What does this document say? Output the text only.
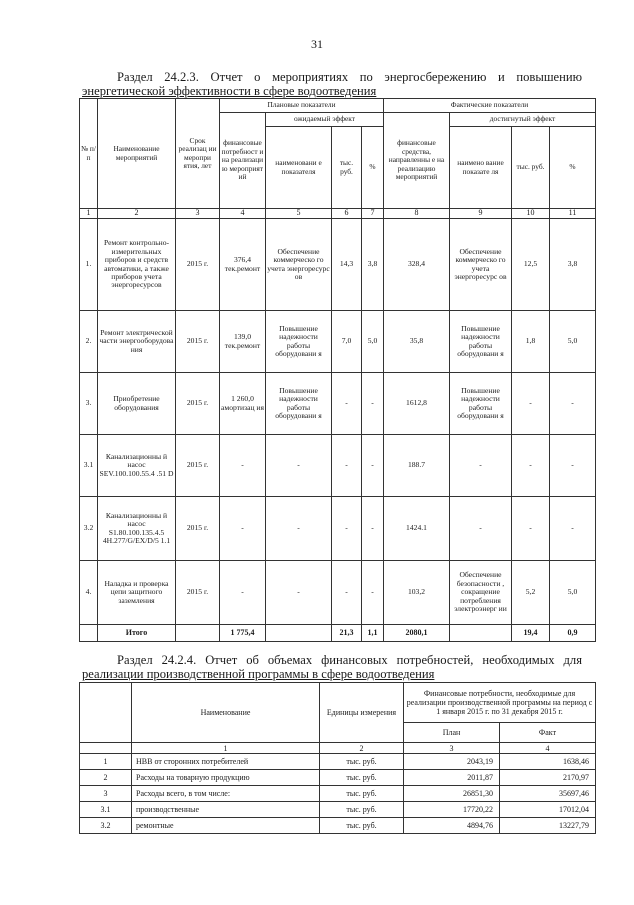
31
Раздел 24.2.3. Отчет о мероприятиях по энергосбережению и повышению
энергетической эффективности в сфере водоотведения
№ п/п	Наименование мероприятий	Срок реализац ии меропри ятия, лет	Плановые показатели				Фактические показатели			
			финансовые потребност и на реализаци ю мероприят ий	ожидаемый эффект			финансовые средства, направленны е на реализацию мероприятий	достигнутый эффект		
				наименовани е показателя	тыс. руб.	%		наимено вание показате ля	тыс. руб.	%
1	2	3	4	5	6	7	8	9	10	11
1.	Ремонт контрольно-измерительных приборов и средств автоматики, а также приборов учета энергоресурсов	2015 г.	376,4 тек.ремонт	Обеспечение коммерческо го учета энергоресурс ов	14,3	3,8	328,4	Обеспечение коммерческо го учета энергоресурс ов	12,5	3,8
2.	Ремонт электрической части энергооборудова ния	2015 г.	139,0 тек.ремонт	Повышение надежности работы оборудовани я	7,0	5,0	35,8	Повышение надежности работы оборудовани я	1,8	5,0
3.	Приобретение оборудования	2015 г.	1 260,0 амортизац ия	Повышение надежности работы оборудовани я	-	-	1612,8	Повышение надежности работы оборудовани я	-	-
3.1	Канализационны й насос SEV.100.100.55.4 .51 D	2015 г.	-	-	-	-	188.7	-	-	-
3.2	Канализационны й насос S1.80.100.135.4.5 4H.277/G/EX/D/5 1.1	2015 г.	-	-	-	-	1424.1	-	-	-
4.	Наладка и проверка цепи защитного заземления	2015 г.	-	-	-	-	103,2	Обеспечение безопасности , сокращение потребления электроэнерг ии	5,2	5,0
	Итого		1 775,4		21,3	1,1	2080,1		19,4	0,9
Раздел 24.2.4. Отчет об объемах финансовых потребностей, необходимых для
реализации производственной программы в сфере водоотведения
	Наименование	Единицы измерения	Финансовые потребности, необходимые для реализации производственной программы на период с 1 января 2015 г. по 31 декабря 2015 г.	
			План	Факт
	1	2	3	4
1	НВВ от сторонних потребителей	тыс. руб.	2043,19	1638,46
2	Расходы на товарную продукцию	тыс. руб.	2011,87	2170,97
3	Расходы всего, в том числе:	тыс. руб.	26851,30	35697,46
3.1	производственные	тыс. руб.	17720,22	17012,04
3.2	ремонтные	тыс. руб.	4894,76	13227,79
